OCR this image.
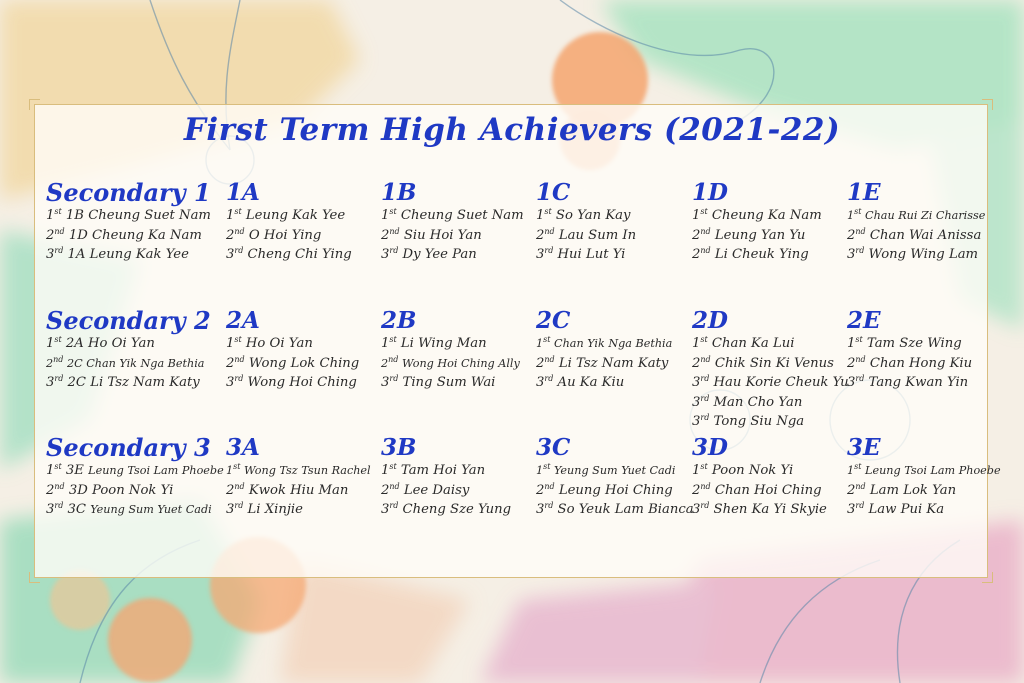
First Term High Achievers (2021-22)
Secondary 1
1st 1B Cheung Suet Nam
2nd 1D Cheung Ka Nam
3rd 1A Leung Kak Yee
1A
1st Leung Kak Yee
2nd O Hoi Ying
3rd Cheng Chi Ying
1B
1st Cheung Suet Nam
2nd Siu Hoi Yan
3rd Dy Yee Pan
1C
1st So Yan Kay
2nd Lau Sum In
3rd Hui Lut Yi
1D
1st Cheung Ka Nam
2nd Leung Yan Yu
2nd Li Cheuk Ying
1E
1st Chau Rui Zi Charisse
2nd Chan Wai Anissa
3rd Wong Wing Lam
Secondary 2
1st 2A Ho Oi Yan
2nd 2C Chan Yik Nga Bethia
3rd 2C Li Tsz Nam Katy
2A
1st Ho Oi Yan
2nd Wong Lok Ching
3rd Wong Hoi Ching
2B
1st Li Wing Man
2nd Wong Hoi Ching Ally
3rd Ting Sum Wai
2C
1st Chan Yik Nga Bethia
2nd Li Tsz Nam Katy
3rd Au Ka Kiu
2D
1st Chan Ka Lui
2nd Chik Sin Ki Venus
3rd Hau Korie Cheuk Yu
3rd Man Cho Yan
3rd Tong Siu Nga
2E
1st Tam Sze Wing
2nd Chan Hong Kiu
3rd Tang Kwan Yin
Secondary 3
1st 3E Leung Tsoi Lam Phoebe
2nd 3D Poon Nok Yi
3rd 3C Yeung Sum Yuet Cadi
3A
1st Wong Tsz Tsun Rachel
2nd Kwok Hiu Man
3rd Li Xinjie
3B
1st Tam Hoi Yan
2nd Lee Daisy
3rd Cheng Sze Yung
3C
1st Yeung Sum Yuet Cadi
2nd Leung Hoi Ching
3rd So Yeuk Lam Bianca
3D
1st Poon Nok Yi
2nd Chan Hoi Ching
3rd Shen Ka Yi Skyie
3E
1st Leung Tsoi Lam Phoebe
2nd Lam Lok Yan
3rd Law Pui Ka
